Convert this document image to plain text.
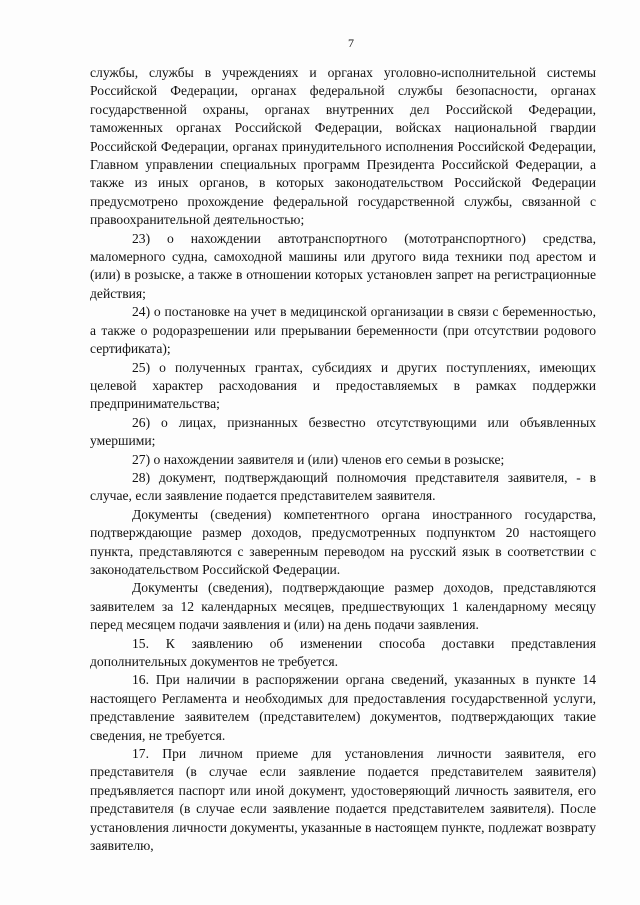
7

службы, службы в учреждениях и органах уголовно-исполнительной системы Российской Федерации, органах федеральной службы безопасности, органах государственной охраны, органах внутренних дел Российской Федерации, таможенных органах Российской Федерации, войсках национальной гвардии Российской Федерации, органах принудительного исполнения Российской Федерации, Главном управлении специальных программ Президента Российской Федерации, а также из иных органов, в которых законодательством Российской Федерации предусмотрено прохождение федеральной государственной службы, связанной с правоохранительной деятельностью;

23) о нахождении автотранспортного (мототранспортного) средства, маломерного судна, самоходной машины или другого вида техники под арестом и (или) в розыске, а также в отношении которых установлен запрет на регистрационные действия;

24) о постановке на учет в медицинской организации в связи с беременностью, а также о родоразрешении или прерывании беременности (при отсутствии родового сертификата);

25) о полученных грантах, субсидиях и других поступлениях, имеющих целевой характер расходования и предоставляемых в рамках поддержки предпринимательства;

26) о лицах, признанных безвестно отсутствующими или объявленных умершими;

27) о нахождении заявителя и (или) членов его семьи в розыске;

28) документ, подтверждающий полномочия представителя заявителя, - в случае, если заявление подается представителем заявителя.

Документы (сведения) компетентного органа иностранного государства, подтверждающие размер доходов, предусмотренных подпунктом 20 настоящего пункта, представляются с заверенным переводом на русский язык в соответствии с законодательством Российской Федерации.

Документы (сведения), подтверждающие размер доходов, представляются заявителем за 12 календарных месяцев, предшествующих 1 календарному месяцу перед месяцем подачи заявления и (или) на день подачи заявления.

15. К заявлению об изменении способа доставки представления дополнительных документов не требуется.

16. При наличии в распоряжении органа сведений, указанных в пункте 14 настоящего Регламента и необходимых для предоставления государственной услуги, представление заявителем (представителем) документов, подтверждающих такие сведения, не требуется.

17. При личном приеме для установления личности заявителя, его представителя (в случае если заявление подается представителем заявителя) предъявляется паспорт или иной документ, удостоверяющий личность заявителя, его представителя (в случае если заявление подается представителем заявителя). После установления личности документы, указанные в настоящем пункте, подлежат возврату заявителю,
